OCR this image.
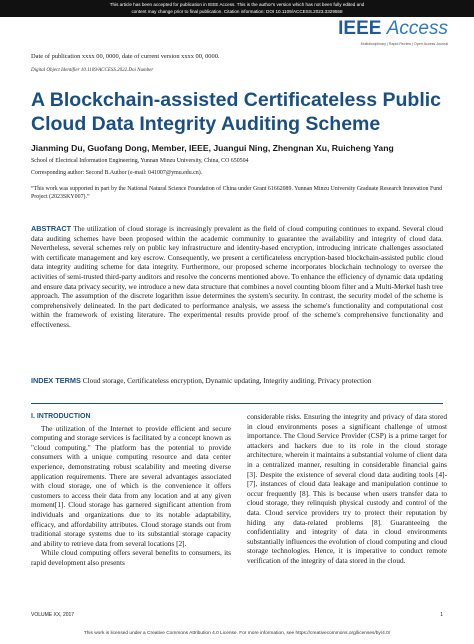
This article has been accepted for publication in IEEE Access. This is the author's version which has not been fully edited and
content may change prior to final publication. Citation information: DOI 10.1109/ACCESS.2023.3329558
IEEE Access
Multidisciplinary | Rapid Review | Open Access Journal
Date of publication xxxx 00, 0000, date of current version xxxx 00, 0000.
Digital Object Identifier 10.1109/ACCESS.2022.Doi Number
A Blockchain-assisted Certificateless Public Cloud Data Integrity Auditing Scheme
Jianming Du, Guofang Dong, Member, IEEE, Juangui Ning, Zhengnan Xu, Ruicheng Yang
School of Electrical Information Engineering, Yunnan Minzu University, China, CO 650504
Corresponding author: Second B.Author (e-mail: 041007@ymu.edu.cn).
“This work was supported in part by the National Natural Science Foundation of China under Grant 61662089. Yunnan Minzu University Graduate Research Innovation Fund Project (2023SKY007).”

ABSTRACT The utilization of cloud storage is increasingly prevalent as the field of cloud computing continues to expand. Several cloud data auditing schemes have been proposed within the academic community to guarantee the availability and integrity of cloud data. Nevertheless, several schemes rely on public key infrastructure and identity-based encryption, introducing intricate challenges associated with certificate management and key escrow. Consequently, we present a certificateless encryption-based blockchain-assisted public cloud data integrity auditing scheme for data integrity. Furthermore, our proposed scheme incorporates blockchain technology to oversee the activities of semi-trusted third-party auditors and resolve the concerns mentioned above. To enhance the efficiency of dynamic data updating and ensure data privacy security, we introduce a new data structure that combines a novel counting bloom filter and a Multi-Merkel hash tree approach. The assumption of the discrete logarithm issue determines the system's security. In contrast, the security model of the scheme is comprehensively delineated. In the part dedicated to performance analysis, we assess the scheme's functionality and computational cost within the framework of existing literature. The experimental results provide proof of the scheme's comprehensive functionality and effectiveness.

INDEX TERMS Cloud storage, Certificateless encryption, Dynamic updating, Integrity auditing, Privacy protection

I. INTRODUCTION

The utilization of the Internet to provide efficient and secure computing and storage services is facilitated by a concept known as "cloud computing." The platform has the potential to provide consumers with a unique computing resource and data center experience, demonstrating robust scalability and meeting diverse application requirements. There are several advantages associated with cloud storage, one of which is the convenience it offers customers to access their data from any location and at any given moment[1]. Cloud storage has garnered significant attention from individuals and organizations due to its notable adaptability, efficacy, and affordability attributes. Cloud storage stands out from traditional storage systems due to its substantial storage capacity and ability to retrieve data from several locations [2].

While cloud computing offers several benefits to consumers, its rapid development also presents

considerable risks. Ensuring the integrity and privacy of data stored in cloud environments poses a significant challenge of utmost importance. The Cloud Service Provider (CSP) is a prime target for attackers and hackers due to its role in the cloud storage architecture, wherein it maintains a substantial volume of client data in a centralized manner, resulting in considerable financial gains [3]. Despite the existence of several cloud data auditing tools [4]-[7], instances of cloud data leakage and manipulation continue to occur frequently [8]. This is because when users transfer data to cloud storage, they relinquish physical custody and control of the data. Cloud service providers try to protect their reputation by hiding any data-related problems [8]. Guaranteeing the confidentiality and integrity of data in cloud environments substantially influences the evolution of cloud computing and cloud storage technologies. Hence, it is imperative to conduct remote verification of the integrity of data stored in the cloud.

VOLUME XX, 2017	1
This work is licensed under a Creative Commons Attribution 4.0 License. For more information, see https://creativecommons.org/licenses/by/4.0/
